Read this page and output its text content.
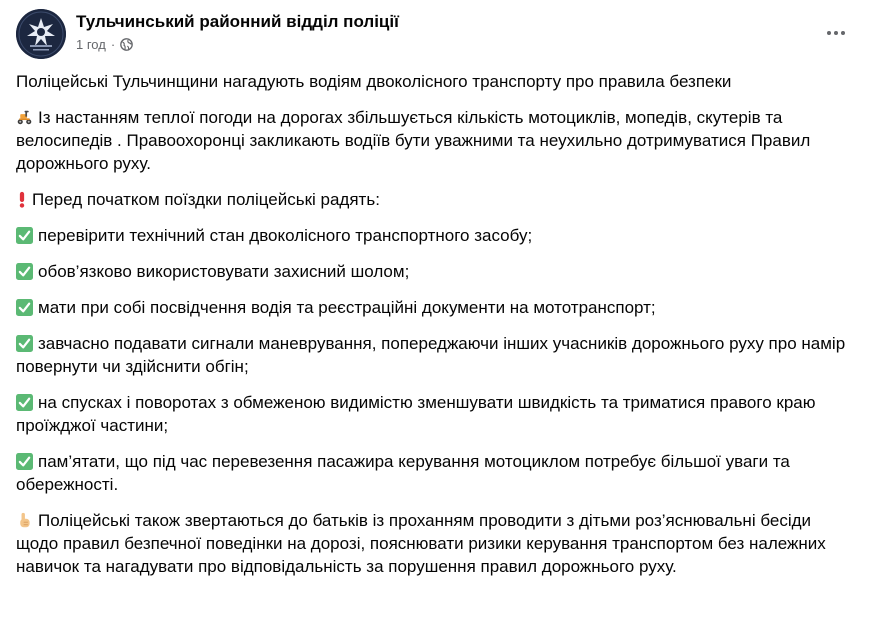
Тульчинський районний відділ поліції
1 год ·

Поліцейські Тульчинщини нагадують водіям двоколісного транспорту про правила безпеки

Із настанням теплої погоди на дорогах збільшується кількість мотоциклів, мопедів, скутерів та велосипедів . Правоохоронці закликають водіїв бути уважними та неухильно дотримуватися Правил дорожнього руху.

Перед початком поїздки поліцейські радять:

перевірити технічний стан двоколісного транспортного засобу;

обов’язково використовувати захисний шолом;

мати при собі посвідчення водія та реєстраційні документи на мототранспорт;

завчасно подавати сигнали маневрування, попереджаючи інших учасників дорожнього руху про намір повернути чи здійснити обгін;

на спусках і поворотах з обмеженою видимістю зменшувати швидкість та триматися правого краю проїжджої частини;

пам’ятати, що під час перевезення пасажира керування мотоциклом потребує більшої уваги та обережності.

Поліцейські також звертаються до батьків із проханням проводити з дітьми роз’яснювальні бесіди щодо правил безпечної поведінки на дорозі, пояснювати ризики керування транспортом без належних навичок та нагадувати про відповідальність за порушення правил дорожнього руху.
